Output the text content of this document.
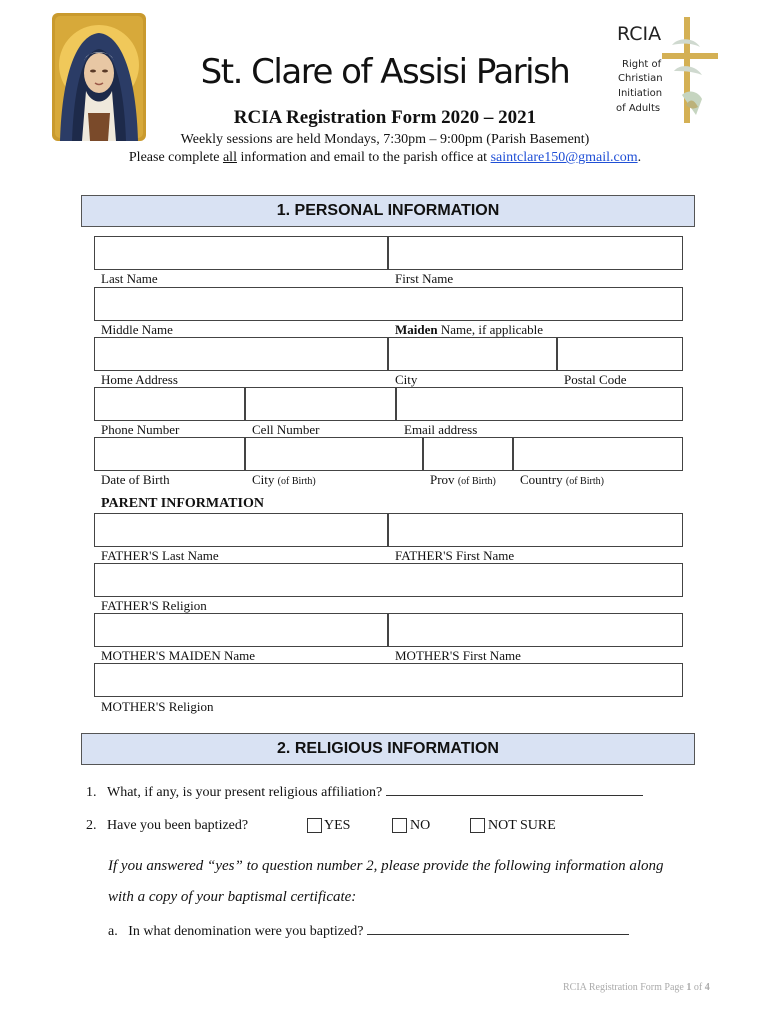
RCIA
Right of
Christian
Initiation
of Adults
St. Clare of Assisi Parish
RCIA Registration Form 2020 – 2021
Weekly sessions are held Mondays, 7:30pm – 9:00pm (Parish Basement)
Please complete all information and email to the parish office at saintclare150@gmail.com.
1. PERSONAL INFORMATION
Last Name	First Name
Middle Name	Maiden Name, if applicable
Home Address	City	Postal Code
Phone Number	Cell Number	Email address
Date of Birth	City (of Birth)	Prov (of Birth) Country (of Birth)
PARENT INFORMATION
FATHER'S Last Name	FATHER'S First Name
FATHER'S Religion
MOTHER'S MAIDEN Name	MOTHER'S First Name
MOTHER'S Religion
2. RELIGIOUS INFORMATION
1. What, if any, is your present religious affiliation?
2. Have you been baptized?	YES	NO	NOT SURE
If you answered “yes” to question number 2, please provide the following information along
with a copy of your baptismal certificate:
a. In what denomination were you baptized?
RCIA Registration Form Page 1 of 4
